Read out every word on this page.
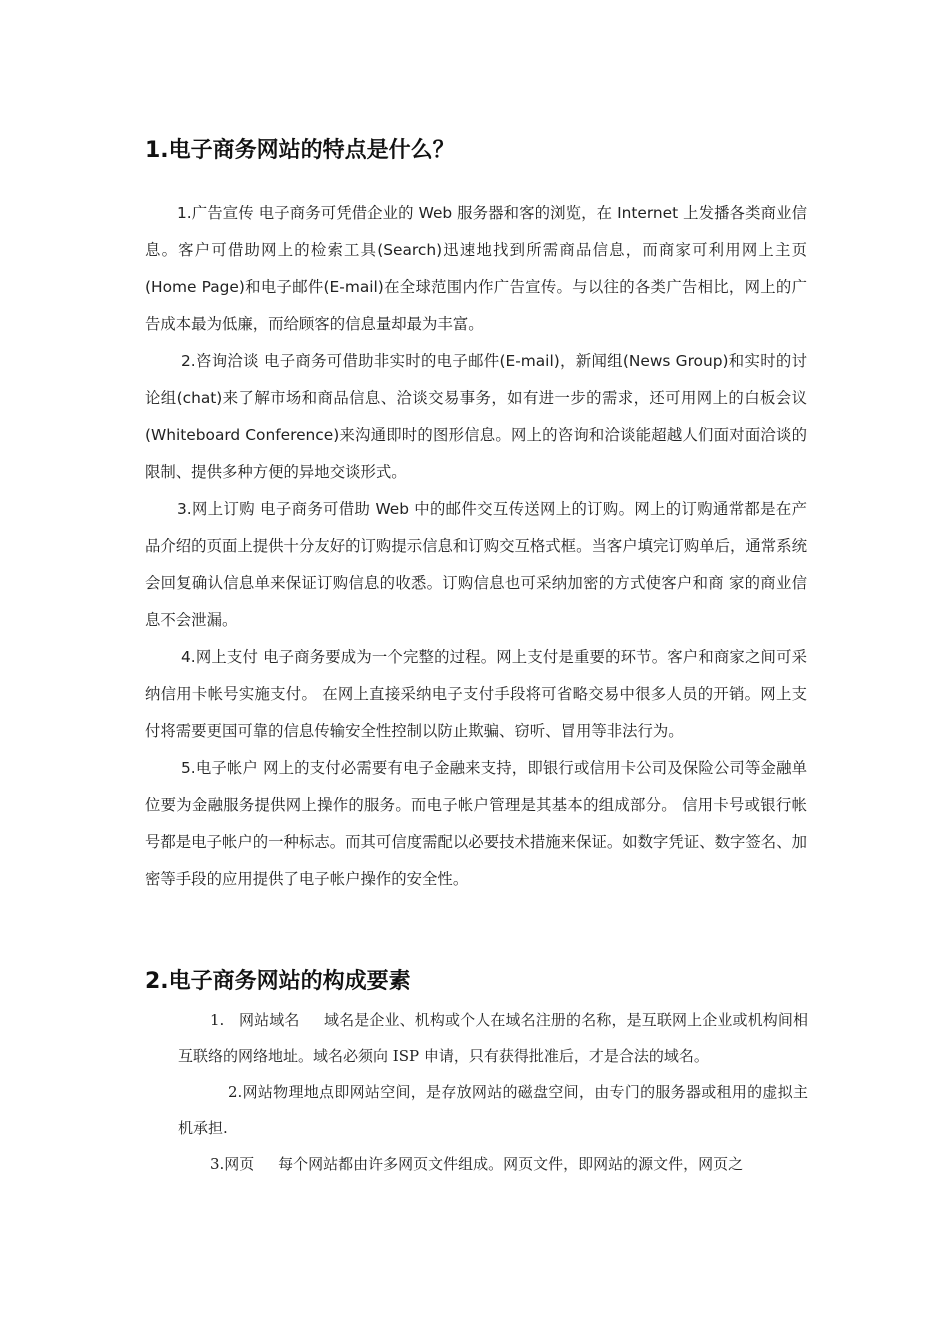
1.电子商务网站的特点是什么？

1.广告宣传 电子商务可凭借企业的 Web 服务器和客的浏览，在 Internet 上发播各类商业信息。客户可借助网上的检索工具(Search)迅速地找到所需商品信息，而商家可利用网上主页(Home Page)和电子邮件(E-mail)在全球范围内作广告宣传。与以往的各类广告相比，网上的广告成本最为低廉，而给顾客的信息量却最为丰富。

2.咨询洽谈 电子商务可借助非实时的电子邮件(E-mail)，新闻组(News Group)和实时的讨论组(chat)来了解市场和商品信息、洽谈交易事务，如有进一步的需求，还可用网上的白板会议(Whiteboard Conference)来沟通即时的图形信息。网上的咨询和洽谈能超越人们面对面洽谈的限制、提供多种方便的异地交谈形式。

3.网上订购 电子商务可借助 Web 中的邮件交互传送网上的订购。网上的订购通常都是在产品介绍的页面上提供十分友好的订购提示信息和订购交互格式框。当客户填完订购单后，通常系统会回复确认信息单来保证订购信息的收悉。订购信息也可采纳加密的方式使客户和商 家的商业信息不会泄漏。

4.网上支付 电子商务要成为一个完整的过程。网上支付是重要的环节。客户和商家之间可采纳信用卡帐号实施支付。 在网上直接采纳电子支付手段将可省略交易中很多人员的开销。网上支付将需要更国可靠的信息传输安全性控制以防止欺骗、窃听、冒用等非法行为。

5.电子帐户 网上的支付必需要有电子金融来支持，即银行或信用卡公司及保险公司等金融单位要为金融服务提供网上操作的服务。而电子帐户管理是其基本的组成部分。 信用卡号或银行帐号都是电子帐户的一种标志。而其可信度需配以必要技术措施来保证。如数字凭证、数字签名、加密等手段的应用提供了电子帐户操作的安全性。

2.电子商务网站的构成要素

1.   网站域名     域名是企业、机构或个人在域名注册的名称，是互联网上企业或机构间相互联络的网络地址。域名必须向 ISP 申请，只有获得批准后，才是合法的域名。

2.网站物理地点即网站空间，是存放网站的磁盘空间，由专门的服务器或租用的虚拟主机承担.

3.网页     每个网站都由许多网页文件组成。网页文件，即网站的源文件，网页之
